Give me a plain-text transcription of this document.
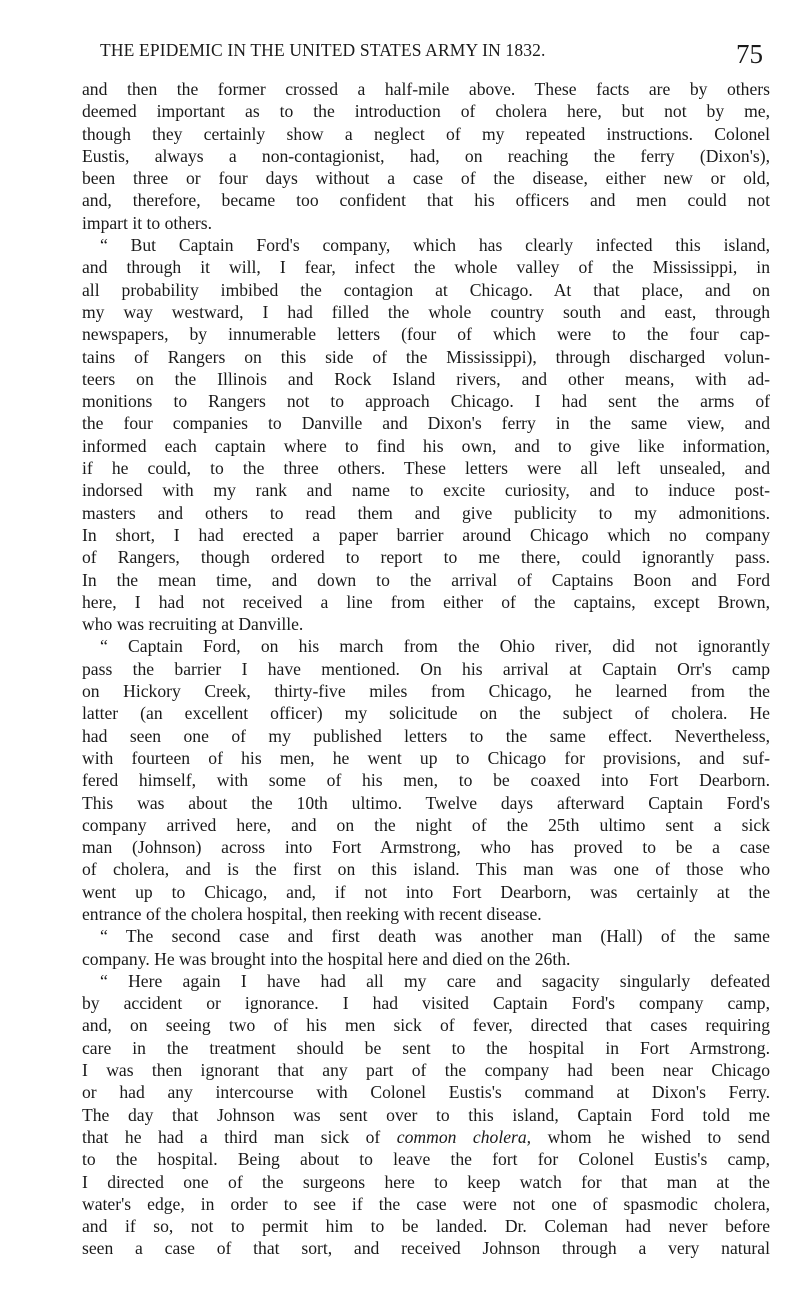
THE EPIDEMIC IN THE UNITED STATES ARMY IN 1832.	75
and then the former crossed a half-mile above. These facts are by others
deemed important as to the introduction of cholera here, but not by me,
though they certainly show a neglect of my repeated instructions. Colonel
Eustis, always a non-contagionist, had, on reaching the ferry (Dixon's),
been three or four days without a case of the disease, either new or old,
and, therefore, became too confident that his officers and men could not
impart it to others.
“ But Captain Ford's company, which has clearly infected this island,
and through it will, I fear, infect the whole valley of the Mississippi, in
all probability imbibed the contagion at Chicago. At that place, and on
my way westward, I had filled the whole country south and east, through
newspapers, by innumerable letters (four of which were to the four cap-
tains of Rangers on this side of the Mississippi), through discharged volun-
teers on the Illinois and Rock Island rivers, and other means, with ad-
monitions to Rangers not to approach Chicago. I had sent the arms of
the four companies to Danville and Dixon's ferry in the same view, and
informed each captain where to find his own, and to give like information,
if he could, to the three others. These letters were all left unsealed, and
indorsed with my rank and name to excite curiosity, and to induce post-
masters and others to read them and give publicity to my admonitions.
In short, I had erected a paper barrier around Chicago which no company
of Rangers, though ordered to report to me there, could ignorantly pass.
In the mean time, and down to the arrival of Captains Boon and Ford
here, I had not received a line from either of the captains, except Brown,
who was recruiting at Danville.
“ Captain Ford, on his march from the Ohio river, did not ignorantly
pass the barrier I have mentioned. On his arrival at Captain Orr's camp
on Hickory Creek, thirty-five miles from Chicago, he learned from the
latter (an excellent officer) my solicitude on the subject of cholera. He
had seen one of my published letters to the same effect. Nevertheless,
with fourteen of his men, he went up to Chicago for provisions, and suf-
fered himself, with some of his men, to be coaxed into Fort Dearborn.
This was about the 10th ultimo. Twelve days afterward Captain Ford's
company arrived here, and on the night of the 25th ultimo sent a sick
man (Johnson) across into Fort Armstrong, who has proved to be a case
of cholera, and is the first on this island. This man was one of those who
went up to Chicago, and, if not into Fort Dearborn, was certainly at the
entrance of the cholera hospital, then reeking with recent disease.
“ The second case and first death was another man (Hall) of the same
company. He was brought into the hospital here and died on the 26th.
“ Here again I have had all my care and sagacity singularly defeated
by accident or ignorance. I had visited Captain Ford's company camp,
and, on seeing two of his men sick of fever, directed that cases requiring
care in the treatment should be sent to the hospital in Fort Armstrong.
I was then ignorant that any part of the company had been near Chicago
or had any intercourse with Colonel Eustis's command at Dixon's Ferry.
The day that Johnson was sent over to this island, Captain Ford told me
that he had a third man sick of common cholera, whom he wished to send
to the hospital. Being about to leave the fort for Colonel Eustis's camp,
I directed one of the surgeons here to keep watch for that man at the
water's edge, in order to see if the case were not one of spasmodic cholera,
and if so, not to permit him to be landed. Dr. Coleman had never before
seen a case of that sort, and received Johnson through a very natural
